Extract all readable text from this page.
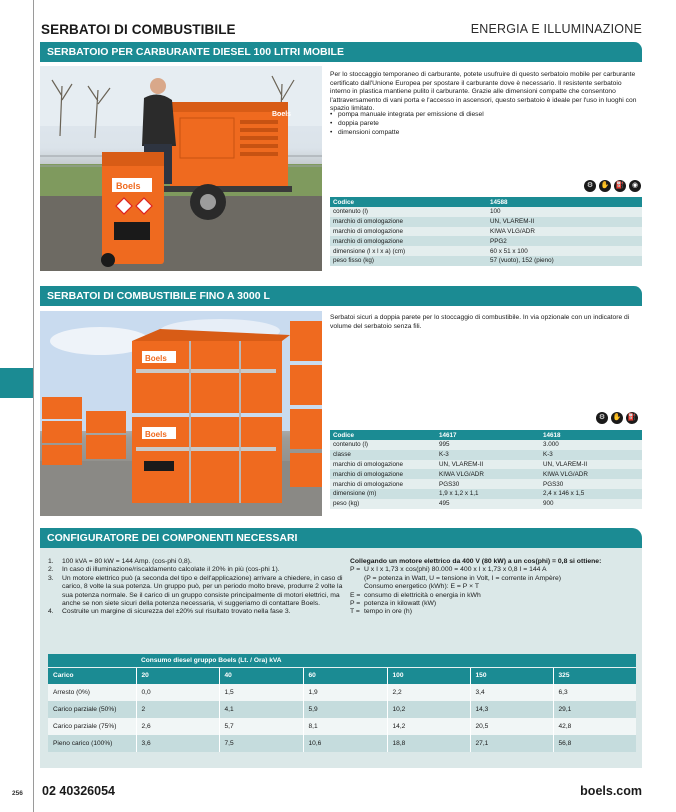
SERBATOI DI COMBUSTIBILE	ENERGIA E ILLUMINAZIONE
SERBATOIO PER CARBURANTE DIESEL 100 LITRI MOBILE
Boels
Boels
Per lo stoccaggio temporaneo di carburante, potete usufruire di questo serbatoio mobile per carburante certificato dall'Unione Europea per spostare il carburante dove è necessario. Il resistente serbatoio interno in plastica mantiene pulito il carburante. Grazie alle dimensioni compatte che consentono l'attraversamento di vani porta e l'accesso in ascensori, questo serbatoio è ideale per l'uso in luoghi con spazio limitato.
• pompa manuale integrata per emissione di diesel
• doppia parete
• dimensioni compatte
⚙	✋ ⛽	◉
Codice	14588
contenuto (l)	100
marchio di omologazione	UN, VLAREM-II
marchio di omologazione	KIWA VLG/ADR
marchio di omologazione	PPG2
dimensione (l x l x a) (cm)	60 x 51 x 100
peso fisso (kg)	57 (vuoto), 152 (pieno)
SERBATOI DI COMBUSTIBILE FINO A 3000 L
Boels
Boels
Serbatoi sicuri a doppia parete per lo stoccaggio di combustibile. In via opzionale con un indicatore di volume del serbatoio senza fili.
⚙	✋ ⛽
Codice	14617	14618
contenuto (l)	995	3.000
classe	K-3	K-3
marchio di omologazione	UN, VLAREM-II	UN, VLAREM-II
marchio di omologazione	KIWA VLG/ADR	KIWA VLG/ADR
marchio di omologazione	PGS30	PGS30
dimensione (m)	1,9 x 1,2 x 1,1	2,4 x 146 x 1,5
peso (kg)	495	900
CONFIGURATORE DEI COMPONENTI NECESSARI
1.	100 kVA = 80 kW = 144 Amp. (cos-phi 0,8).
2.	In caso di illuminazione/riscaldamento calcolate il 20% in più (cos-phi 1).
3.	Un motore elettrico può (a seconda del tipo e dell'applicazione) arrivare a chiedere, in caso di carico, 8 volte la sua potenza. Un gruppo può, per un periodo molto breve, produrre 2 volte la sua potenza normale. Se il carico di un gruppo consiste principalmente di motori elettrici, ma anche se non siete sicuri della potenza necessaria, vi suggeriamo di contattare Boels.
4.	Costruite un margine di sicurezza del ±20% sul risultato trovato nella fase 3.
Collegando un motore elettrico da 400 V (80 kW) a un cos(phi) = 0,8 si ottiene:
P = U x I x 1,73 x cos(phi) 80.000 = 400 x I x 1,73 x 0,8 I = 144 A
(P = potenza in Watt, U = tensione in Volt, I = corrente in Ampère)
Consumo energetico (kWh): E = P × T
E = consumo di elettricità o energia in kWh
P = potenza in kilowatt (kW)
T = tempo in ore (h)
	Consumo diesel gruppo Boels (Lt. / Ora) kVA					
Carico	20	40	60	100	150	325
Arresto (0%)	0,0	1,5	1,9	2,2	3,4	6,3
Carico parziale (50%)	2	4,1	5,9	10,2	14,3	29,1
Carico parziale (75%)	2,6	5,7	8,1	14,2	20,5	42,8
Pieno carico (100%)	3,6	7,5	10,6	18,8	27,1	56,8
256 02 40326054	boels.com
